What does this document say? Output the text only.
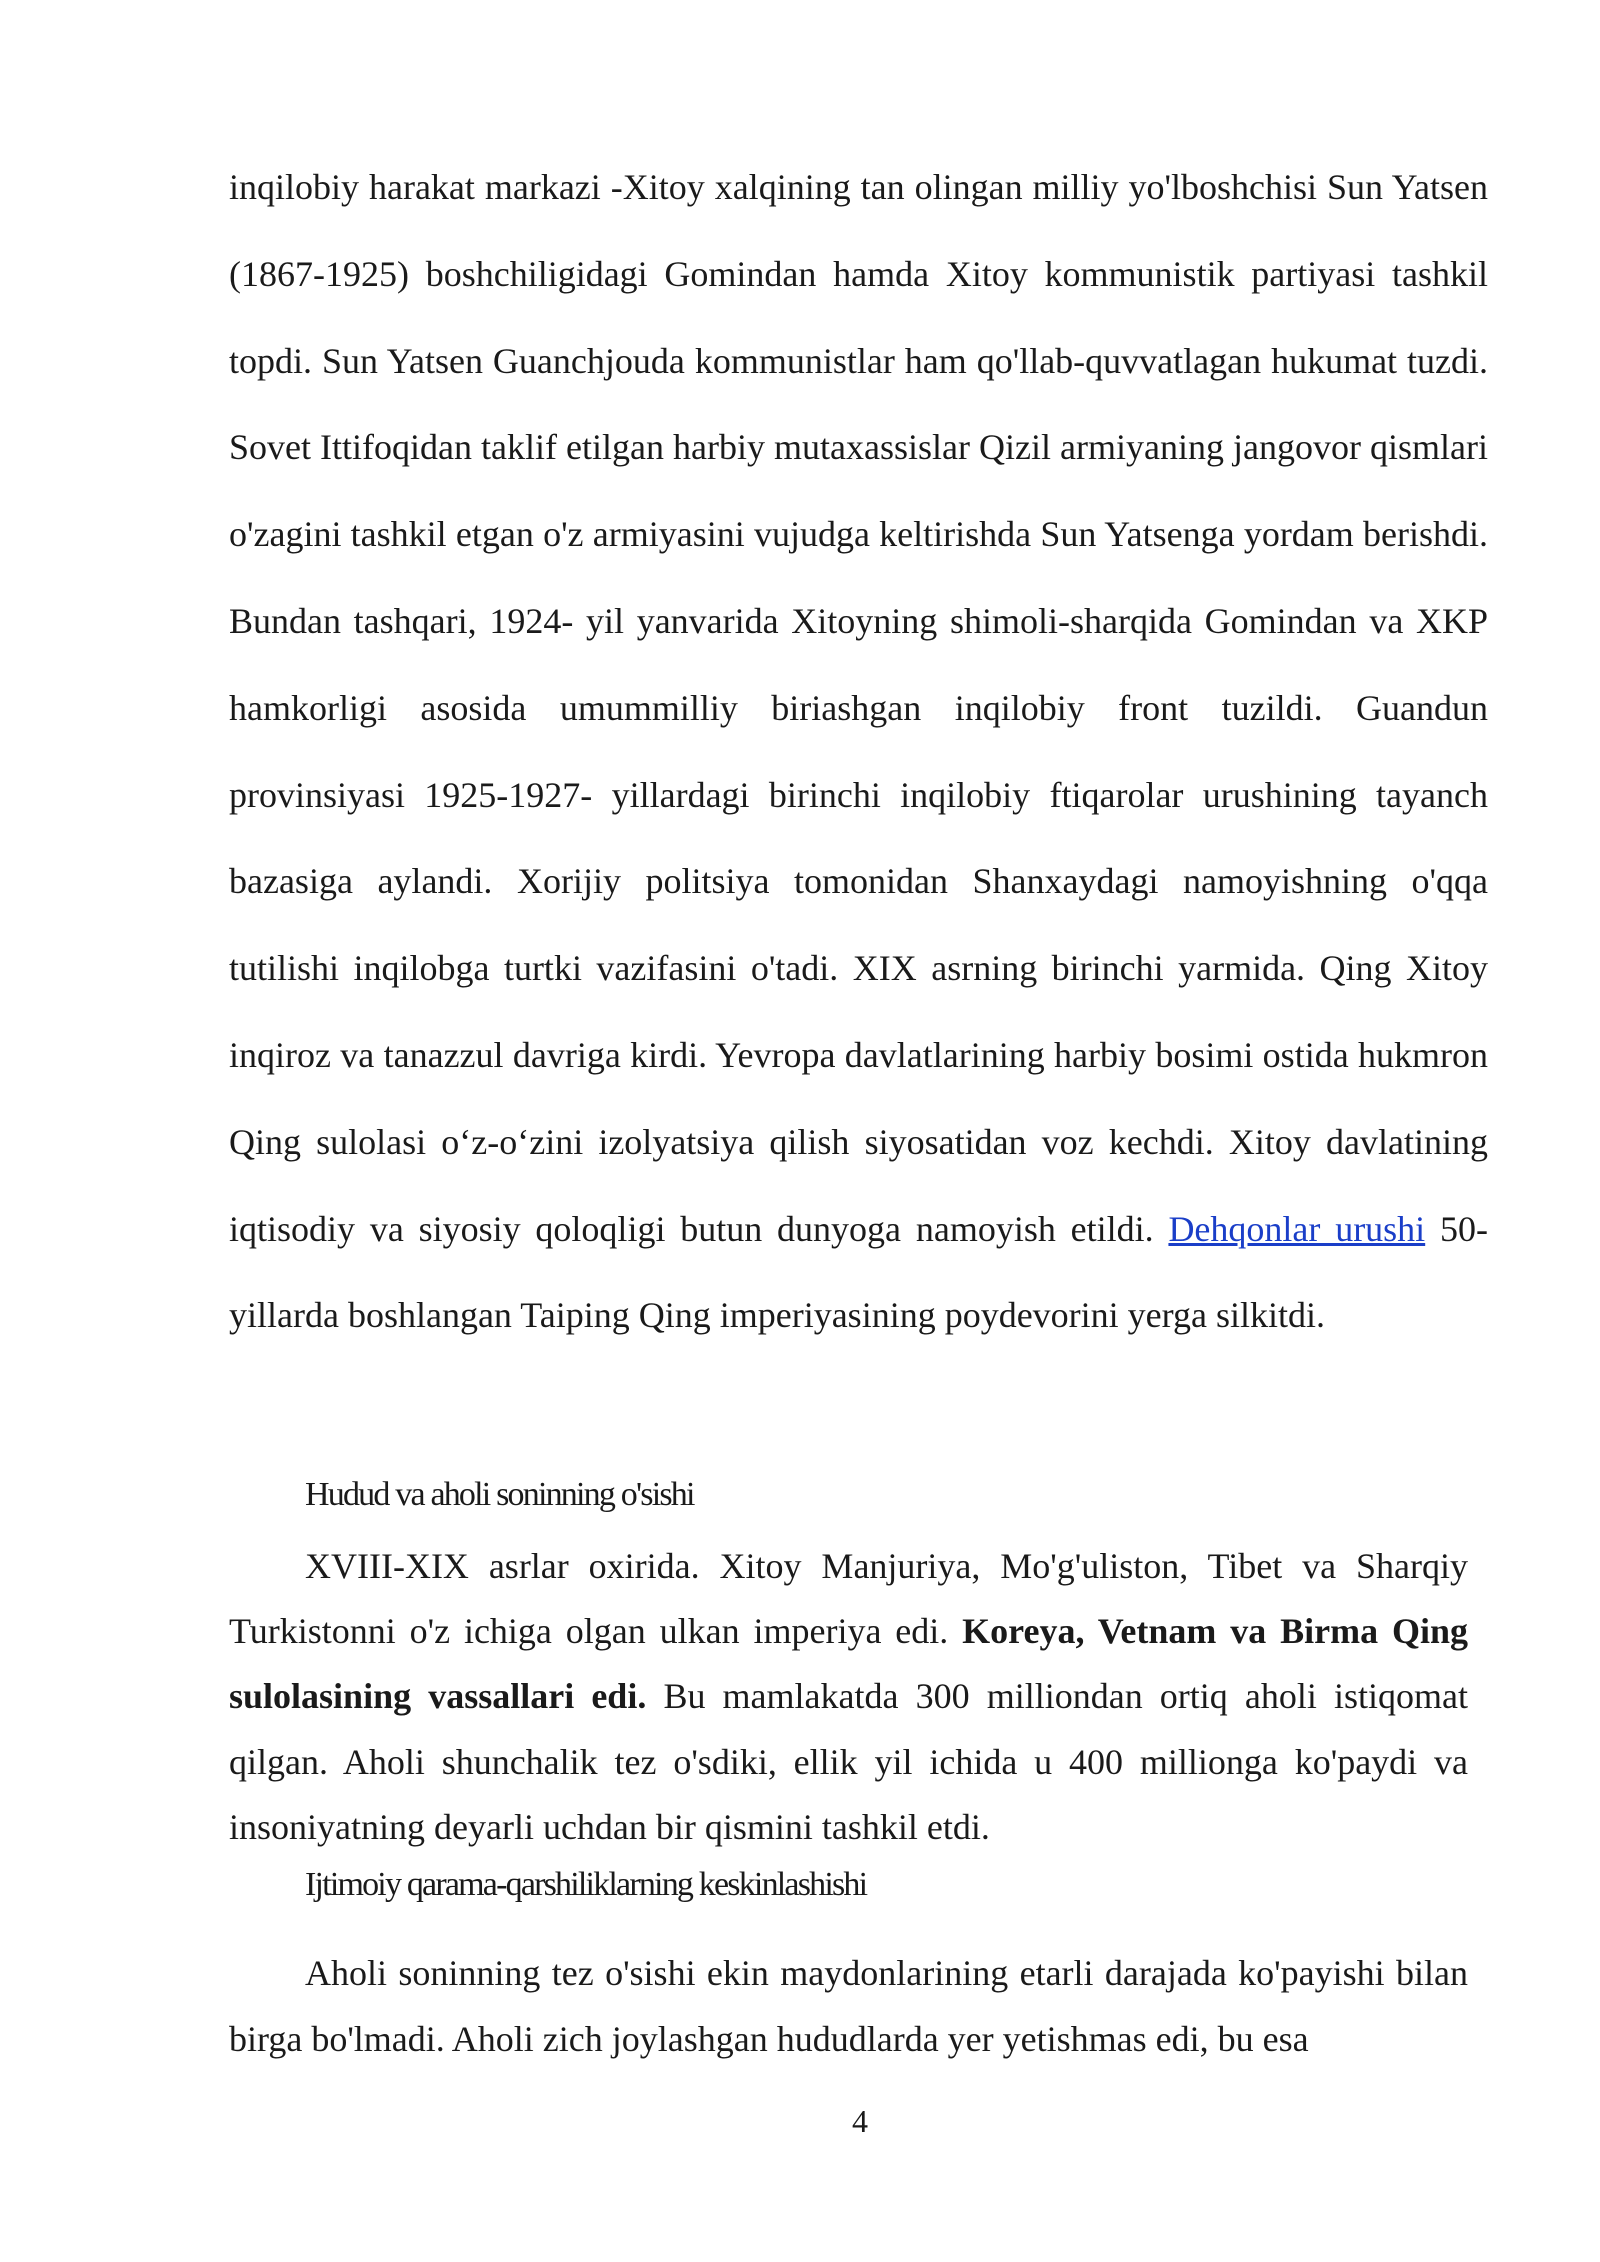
inqilobiy harakat markazi -Xitoy xalqining tan olingan milliy yo'lboshchisi Sun Yatsen (1867-1925) boshchiligidagi Gomindan hamda Xitoy kommunistik partiyasi tashkil topdi. Sun Yatsen Guanchjouda kommunistlar ham qo'llab-quvvatlagan hukumat tuzdi. Sovet Ittifoqidan taklif etilgan harbiy mutaxassislar Qizil armiyaning jangovor qismlari o'zagini tashkil etgan o'z armiyasini vujudga keltirishda Sun Yatsenga yordam berishdi. Bundan tashqari, 1924- yil yanvarida Xitoyning shimoli-sharqida Gomindan va XKP hamkorligi asosida umummilliy biriashgan inqilobiy front tuzildi. Guandun provinsiyasi 1925-1927- yillardagi birinchi inqilobiy ftiqarolar urushining tayanch bazasiga aylandi. Xorijiy politsiya tomonidan Shanxaydagi namoyishning o'qqa tutilishi inqilobga turtki vazifasini o'tadi. XIX asrning birinchi yarmida. Qing Xitoy inqiroz va tanazzul davriga kirdi. Yevropa davlatlarining harbiy bosimi ostida hukmron Qing sulolasi o‘z-o‘zini izolyatsiya qilish siyosatidan voz kechdi. Xitoy davlatining iqtisodiy va siyosiy qoloqligi butun dunyoga namoyish etildi. Dehqonlar urushi 50-yillarda boshlangan Taiping Qing imperiyasining poydevorini yerga silkitdi.

Hudud va aholi soninning o'sishi

XVIII-XIX asrlar oxirida. Xitoy Manjuriya, Mo'g'uliston, Tibet va Sharqiy Turkistonni o'z ichiga olgan ulkan imperiya edi. Koreya, Vetnam va Birma Qing sulolasining vassallari edi. Bu mamlakatda 300 milliondan ortiq aholi istiqomat qilgan. Aholi shunchalik tez o'sdiki, ellik yil ichida u 400 millionga ko'paydi va insoniyatning deyarli uchdan bir qismini tashkil etdi.

Ijtimoiy qarama-qarshiliklarning keskinlashishi

Aholi soninning tez o'sishi ekin maydonlarining etarli darajada ko'payishi bilan birga bo'lmadi. Aholi zich joylashgan hududlarda yer yetishmas edi, bu esa

4
